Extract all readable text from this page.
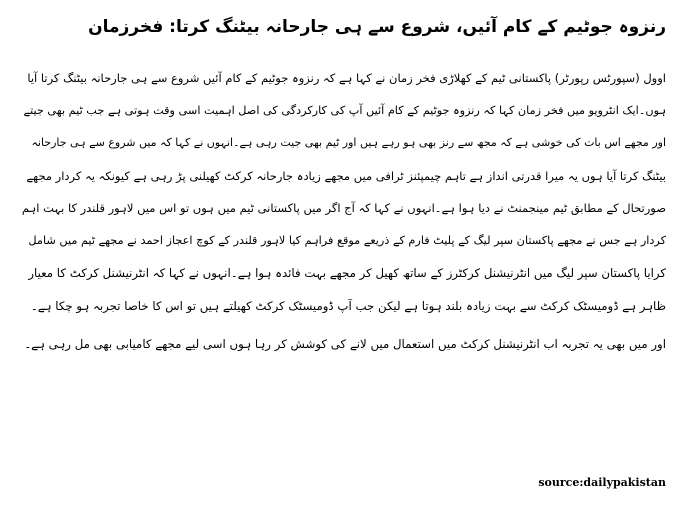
رنزوہ جوٹیم کے کام آئیں، شروع سے ہی جارحانہ بیٹنگ کرتا: فخرزمان
اوول (سپورٹس رپورٹر) پاکستانی ٹیم کے کھلاڑی فخر زمان نے کہا ہے کہ رنزوہ جوٹیم کے کام آئیں شروع سے ہی جارحانہ بیٹنگ کرتا آیا
ہوں۔ایک انٹرویو میں فخر زمان کہا کہ رنزوہ جوٹیم کے کام آئیں آپ کی کارکردگی کی اصل اہمیت اسی وقت ہوتی ہے جب ٹیم بھی جیتے
اور مجھے اس بات کی خوشی ہے کہ مجھ سے رنز بھی ہو رہے ہیں اور ٹیم بھی جیت رہی ہے۔انہوں نے کہا کہ میں شروع سے ہی جارحانہ
بیٹنگ کرتا آیا ہوں یہ میرا قدرتی انداز ہے تاہم چیمپئنز ٹرافی میں مجھے زیادہ جارحانہ کرکٹ کھیلنی پڑ رہی ہے کیونکہ یہ کردار مجھے
صورتحال کے مطابق ٹیم مینجمنٹ نے دیا ہوا ہے۔انہوں نے کہا کہ آج اگر میں پاکستانی ٹیم میں ہوں تو اس میں لاہور قلندر کا بہت اہم
کردار ہے جس نے مجھے پاکستان سپر لیگ کے پلیٹ فارم کے ذریعے موقع فراہم کیا لاہور قلندر کے کوچ اعجاز احمد نے مجھے ٹیم میں شامل
کرایا پاکستان سپر لیگ میں انٹرنیشنل کرکٹرز کے ساتھ کھیل کر مجھے بہت فائدہ ہوا ہے۔انہوں نے کہا کہ انٹرنیشنل کرکٹ کا معیار
ظاہر ہے ڈومیسٹک کرکٹ سے بہت زیادہ بلند ہوتا ہے لیکن جب آپ ڈومیسٹک کرکٹ کھیلتے ہیں تو اس کا خاصا تجربہ ہو چکا ہے۔
اور میں بھی یہ تجربہ اب انٹرنیشنل کرکٹ میں استعمال میں لانے کی کوشش کر رہا ہوں اسی لیے مجھے کامیابی بھی مل رہی ہے۔
source:dailypakistan
